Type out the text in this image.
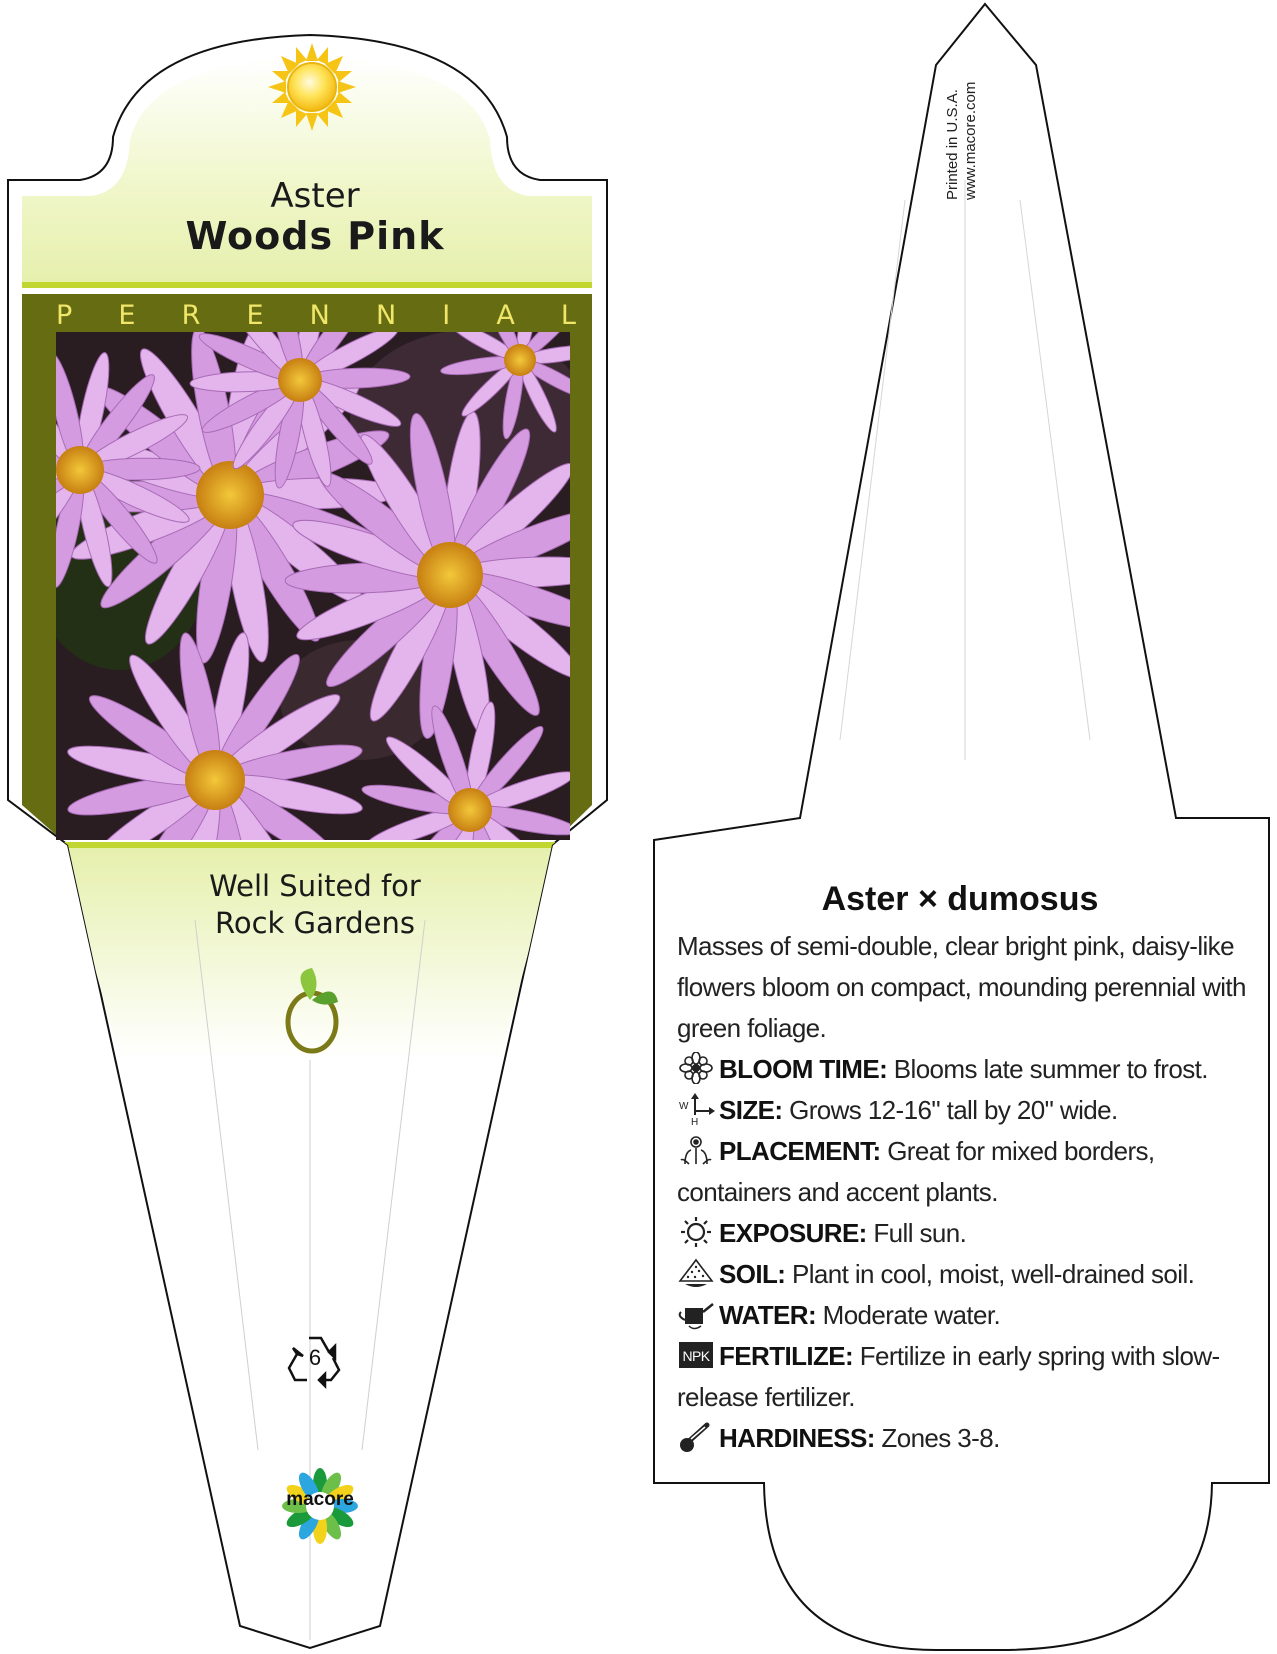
Aster
Woods Pink
P E R E N N I A L
Well Suited for
Rock Gardens
6
macore
Printed in U.S.A. www.macore.com
Aster × dumosus

Masses of semi-double, clear bright pink, daisy-like flowers bloom on compact, mounding perennial with green foliage.

BLOOM TIME: Blooms late summer to frost.

W
H SIZE: Grows 12-16" tall by 20" wide.

PLACEMENT: Great for mixed borders, containers and accent plants.

EXPOSURE: Full sun.

SOIL: Plant in cool, moist, well-drained soil.

WATER: Moderate water.

NPK FERTILIZE: Fertilize in early spring with slow-release fertilizer.

HARDINESS: Zones 3-8.
